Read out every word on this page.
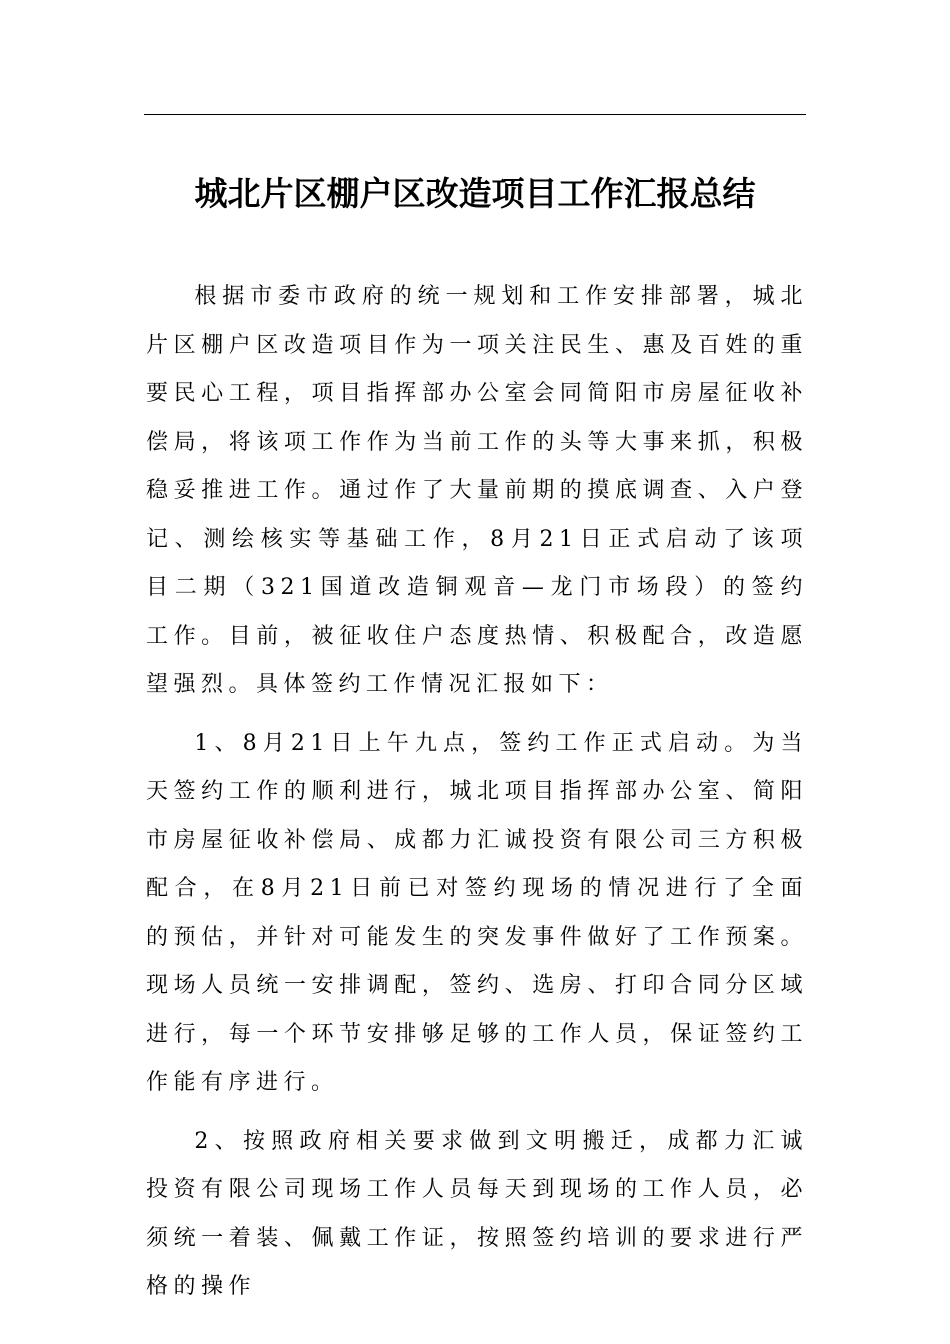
城北片区棚户区改造项目工作汇报总结

根据市委市政府的统一规划和工作安排部署，城北片区棚户区改造项目作为一项关注民生、惠及百姓的重要民心工程，项目指挥部办公室会同简阳市房屋征收补偿局，将该项工作作为当前工作的头等大事来抓，积极稳妥推进工作。通过作了大量前期的摸底调查、入户登记、测绘核实等基础工作，8月21日正式启动了该项目二期（321国道改造铜观音—龙门市场段）的签约工作。目前，被征收住户态度热情、积极配合，改造愿望强烈。具体签约工作情况汇报如下：

1、8月21日上午九点，签约工作正式启动。为当天签约工作的顺利进行，城北项目指挥部办公室、简阳市房屋征收补偿局、成都力汇诚投资有限公司三方积极配合，在8月21日前已对签约现场的情况进行了全面的预估，并针对可能发生的突发事件做好了工作预案。现场人员统一安排调配，签约、选房、打印合同分区域进行，每一个环节安排够足够的工作人员，保证签约工作能有序进行。

2、按照政府相关要求做到文明搬迁，成都力汇诚投资有限公司现场工作人员每天到现场的工作人员，必须统一着装、佩戴工作证，按照签约培训的要求进行严格的操作
